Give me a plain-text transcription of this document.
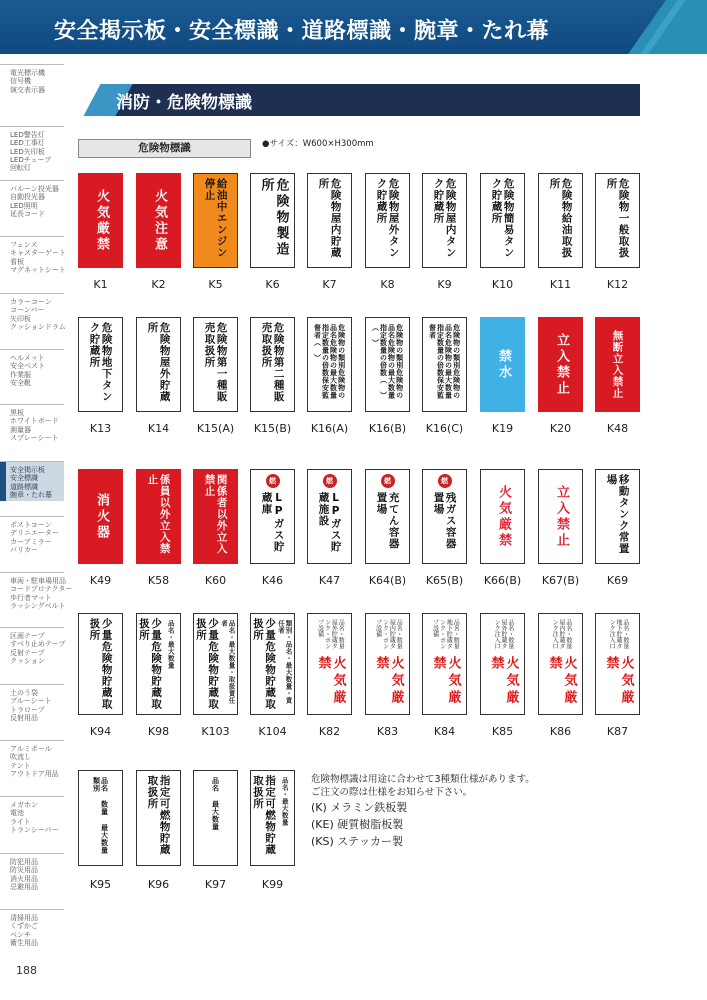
安全掲示板・安全標識・道路標識・腕章・たれ幕
電光標示機
信号機
演交表示器
LED警告灯
LED工事灯
LED矢印板
LEDチューブ
回転灯
バルーン投光器
自動投光器
LED照明
延長コード
フェンス
キャスターゲート
看板
マグネットシート
カラーコーン
コーンバー
矢印板
クッションドラム
ヘルメット
安全ベスト
作業服
安全靴
黒板
ホワイトボード
測量器
スプレーシート
安全掲示板
安全標識
道路標識
腕章・たれ幕
ポストコーン
デリニエーター
カーブミラー
バリカー
車両・駐車場用品
コードプロテクター
歩行者マット
ラッシングベルト
区画テープ
すべり止めテープ
反射テープ
クッション
土のう袋
ブルーシート
トラロープ
反射用品
アルミポール
吹流し
テント
アウトドア用品
メガホン
電池
ライト
トランシーバー
防犯用品
防災用品
消火用品
忌避用品
清掃用品
くずかご
ベンチ
衛生用品
消防・危険物標識
危険物標識	●サイズ：W600×H300mm
火気厳禁
K1
火気注意
K2
給油中エンジン停止
K5
危険物製造所
K6
危険物屋内貯蔵所
K7
危険物屋外タンク貯蔵所
K8
危険物屋内タンク貯蔵所
K9
危険物簡易タンク貯蔵所
K10
危険物給油取扱所
K11
危険物一般取扱所
K12
危険物地下タンク貯蔵所
K13
危険物屋外貯蔵所
K14
危険物第一種販売取扱所
K15(A)
危険物第二種販売取扱所
K15(B)
危険物の類別危険物の品名危険物の最大数量指定数量の倍数保安監督者（　）
K16(A)
危険物の類別危険物の品名危険物の最大数量指定数量の倍数（　）（　）
K16(B)
危険物の類別危険物の品名危険物の最大数量指定数量の倍数保安監督者
K16(C)
禁水
K19
立入禁止
K20
無断立入禁止
K48
消火器
K49
係員以外立入禁止
K58
関係者以外立入禁止
K60
燃
LPガス貯蔵庫
K46
燃
LPガス貯蔵施設
K47
燃
充てん容器置場
K64(B)
燃
残ガス容器置場
K65(B)
火気厳禁
K66(B)
立入禁止
K67(B)
移動タンク常置場
K69
少量危険物貯蔵取扱所
K94
少量危険物貯蔵取扱所	品名・最大数量
K98
少量危険物貯蔵取扱所	品名・最大数量・取扱責任者
K103
少量危険物貯蔵取扱所	類別・品名・最大数量・責任者
K104
品名・数量 屋外貯蔵タンク・ポンプ設備
火気厳禁
K82
品名・数量 屋内貯蔵タンク・ポンプ設備
火気厳禁
K83
品名・数量 地下貯蔵タンク・ポンプ設備
火気厳禁
K84
品名・数量 屋外貯蔵タンク注入口
火気厳禁
K85
品名・数量 屋内貯蔵タンク注入口
火気厳禁
K86
品名・数量 地下貯蔵タンク注入口
火気厳禁
K87
品名 数量 最大数量 類別
K95
指定可燃物貯蔵取扱所
K96
品名 最大数量
K97
指定可燃物貯蔵取扱所	品名・最大数量
K99
危険物標識は用途に合わせて3種類仕様があります。
ご注文の際は仕様をお知らせ下さい。
(K) メラミン鉄板製
(KE) 硬質樹脂板製
(KS) ステッカー製
188
